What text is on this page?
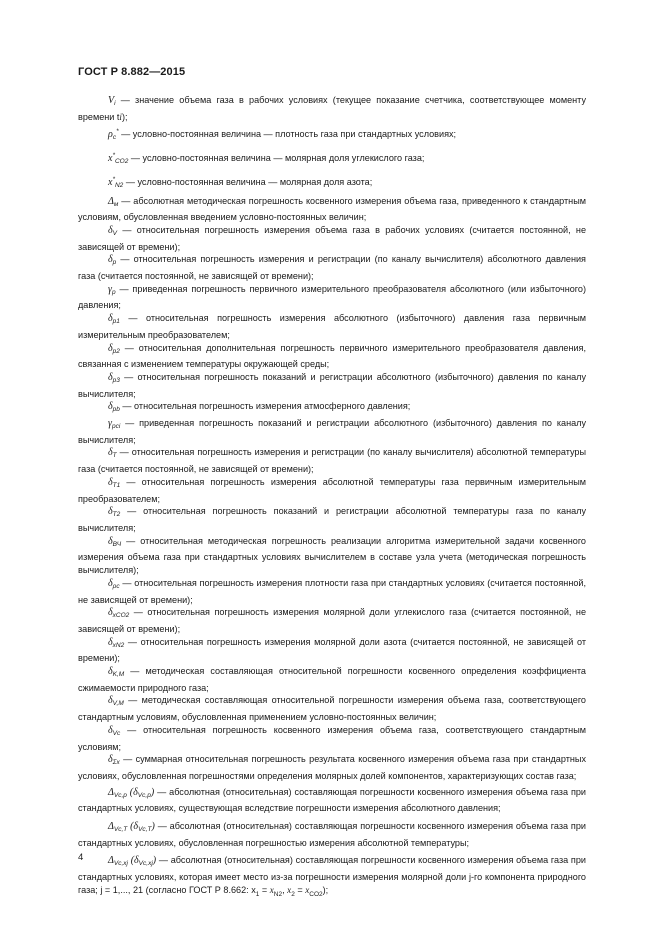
ГОСТ Р 8.882—2015

$V_i$ — значение объема газа в рабочих условиях (текущее показание счетчика, соответствующее моменту времени ti);

$\rho_с^*$ — условно-постоянная величина — плотность газа при стандартных условиях;

$x^*_{CO2}$ — условно-постоянная величина — молярная доля углекислого газа;

$x^*_{N2}$ — условно-постоянная величина — молярная доля азота;

$\Delta_м$ — абсолютная методическая погрешность косвенного измерения объема газа, приведенного к стандартным условиям, обусловленная введением условно-постоянных величин;

$\delta_V$ — относительная погрешность измерения объема газа в рабочих условиях (считается постоянной, не зависящей от времени);

$\delta_p$ — относительная погрешность измерения и регистрации (по каналу вычислителя) абсолютного давления газа (считается постоянной, не зависящей от времени);

$\gamma_p$ — приведенная погрешность первичного измерительного преобразователя абсолютного (или избыточного) давления;

$\delta_{p1}$ — относительная погрешность измерения абсолютного (избыточного) давления газа первичным измерительным преобразователем;

$\delta_{p2}$ — относительная дополнительная погрешность первичного измерительного преобразователя давления, связанная с изменением температуры окружающей среды;

$\delta_{p3}$ — относительная погрешность показаний и регистрации абсолютного (избыточного) давления по каналу вычислителя;

$\delta_{pb}$ — относительная погрешность измерения атмосферного давления;

$\gamma_{pci}$ — приведенная погрешность показаний и регистрации абсолютного (избыточного) давления по каналу вычислителя;

$\delta_T$ — относительная погрешность измерения и регистрации (по каналу вычислителя) абсолютной температуры газа (считается постоянной, не зависящей от времени);

$\delta_{T1}$ — относительная погрешность измерения абсолютной температуры газа первичным измерительным преобразователем;

$\delta_{T2}$ — относительная погрешность показаний и регистрации абсолютной температуры газа по каналу вычислителя;

$\delta_{ВЧ}$ — относительная методическая погрешность реализации алгоритма измерительной задачи косвенного измерения объема газа при стандартных условиях вычислителем в составе узла учета (методическая погрешность вычислителя);

$\delta_{\rho с}$ — относительная погрешность измерения плотности газа при стандартных условиях (считается постоянной, не зависящей от времени);

$\delta_{xCO2}$ — относительная погрешность измерения молярной доли углекислого газа (считается постоянной, не зависящей от времени);

$\delta_{xN2}$ — относительная погрешность измерения молярной доли азота (считается постоянной, не зависящей от времени);

$\delta_{K,M}$ — методическая составляющая относительной погрешности косвенного определения коэффициента сжимаемости природного газа;

$\delta_{V,M}$ — методическая составляющая относительной погрешности измерения объема газа, соответствующего стандартным условиям, обусловленная применением условно-постоянных величин;

$\delta_{Vc}$ — относительная погрешность косвенного измерения объема газа, соответствующего стандартным условиям;

$\delta_{\Sigma x}$ — суммарная относительная погрешность результата косвенного измерения объема газа при стандартных условиях, обусловленная погрешностями определения молярных долей компонентов, характеризующих состав газа;

$\Delta_{Vc,p}$ $(\delta_{Vc,p})$ — абсолютная (относительная) составляющая погрешности косвенного измерения объема газа при стандартных условиях, существующая вследствие погрешности измерения абсолютного давления;

$\Delta_{Vc,T}$ $(\delta_{Vc,T})$ — абсолютная (относительная) составляющая погрешности косвенного измерения объема газа при стандартных условиях, обусловленная погрешностью измерения абсолютной температуры;

$\Delta_{Vc,xj}$ $(\delta_{Vc,xj})$ — абсолютная (относительная) составляющая погрешности косвенного измерения объема газа при стандартных условиях, которая имеет место из-за погрешности измерения молярной доли j-го компонента природного газа; j = 1,..., 21 (согласно ГОСТ Р 8.662: $x_1 = x_{N2}$, $x_2 = x_{CO2}$);

4
